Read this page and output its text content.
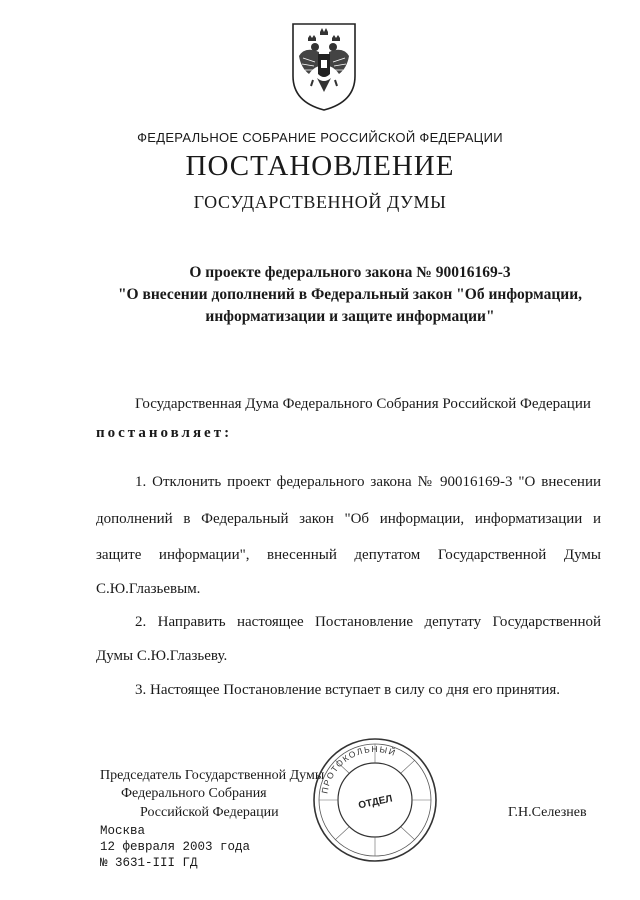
ФЕДЕРАЛЬНОЕ СОБРАНИЕ РОССИЙСКОЙ ФЕДЕРАЦИИ
ПОСТАНОВЛЕНИЕ
ГОСУДАРСТВЕННОЙ ДУМЫ
О проекте федерального закона № 90016169-3
"О внесении дополнений в Федеральный закон "Об информации,
информатизации и защите информации"
Государственная Дума Федерального Собрания Российской Федерации
постановляет:
1. Отклонить проект федерального закона № 90016169-3 "О внесении
дополнений в Федеральный закон "Об информации, информатизации и
защите информации", внесенный депутатом Государственной Думы
С.Ю.Глазьевым.
2. Направить настоящее Постановление депутату Государственной
Думы С.Ю.Глазьеву.
3. Настоящее Постановление вступает в силу со дня его принятия.
Председатель Государственной Думы
Федерального Собрания
Российской Федерации	Г.Н.Селезнев
ПРОТОКОЛЬНЫЙ
ОТДЕЛ
Москва
12 февраля 2003 года
№ 3631-III ГД
